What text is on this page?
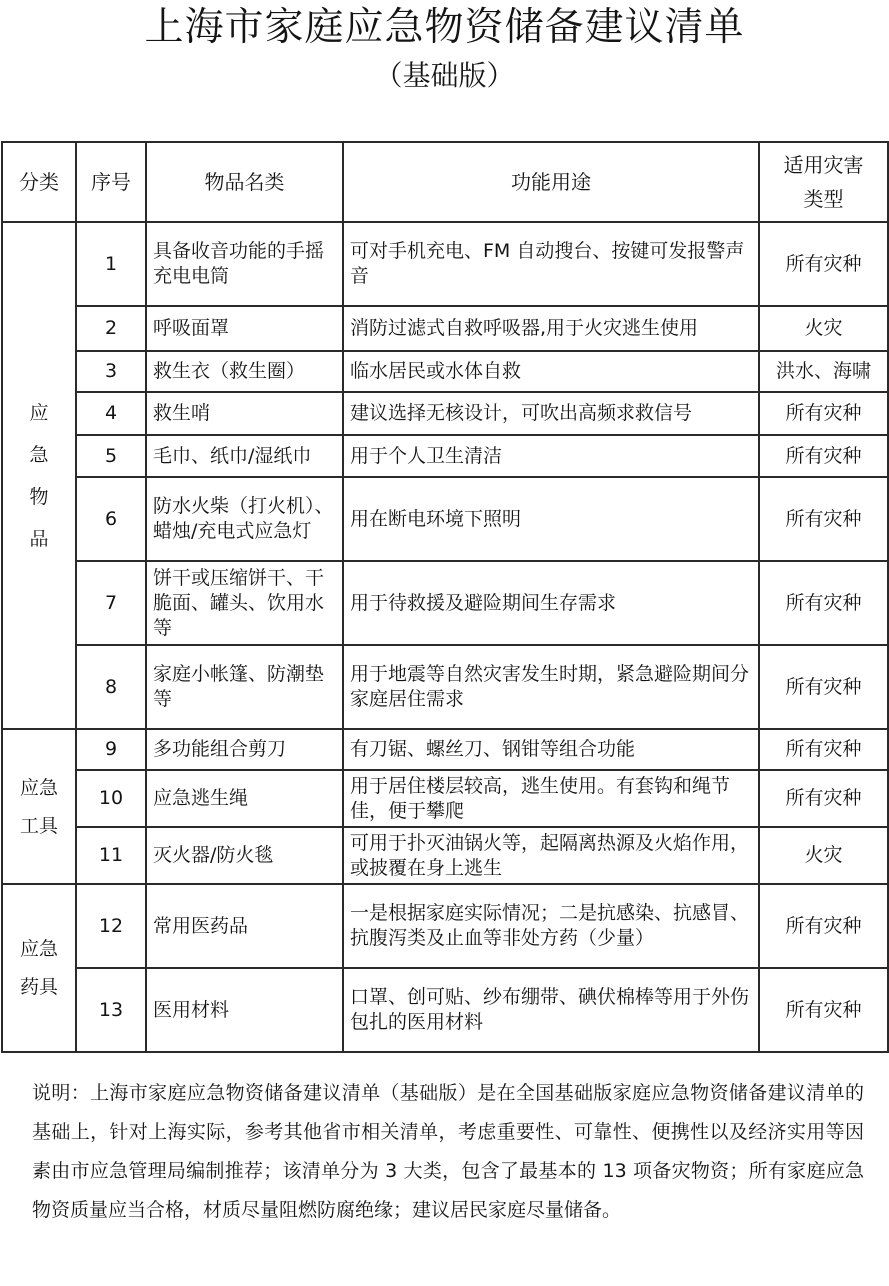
上海市家庭应急物资储备建议清单
（基础版）
分类	序号	物品名类	功能用途	适用灾害类型
应急物品	1	具备收音功能的手摇充电电筒	可对手机充电、FM 自动搜台、按键可发报警声音	所有灾种
	2	呼吸面罩	消防过滤式自救呼吸器,用于火灾逃生使用	火灾
	3	救生衣（救生圈）	临水居民或水体自救	洪水、海啸
	4	救生哨	建议选择无核设计，可吹出高频求救信号	所有灾种
	5	毛巾、纸巾/湿纸巾	用于个人卫生清洁	所有灾种
	6	防水火柴（打火机）、蜡烛/充电式应急灯	用在断电环境下照明	所有灾种
	7	饼干或压缩饼干、干脆面、罐头、饮用水等	用于待救援及避险期间生存需求	所有灾种
	8	家庭小帐篷、防潮垫等	用于地震等自然灾害发生时期，紧急避险期间分家庭居住需求	所有灾种
应急工具	9	多功能组合剪刀	有刀锯、螺丝刀、钢钳等组合功能	所有灾种
	10	应急逃生绳	用于居住楼层较高，逃生使用。有套钩和绳节佳，便于攀爬	所有灾种
	11	灭火器/防火毯	可用于扑灭油锅火等，起隔离热源及火焰作用，或披覆在身上逃生	火灾
应急药具	12	常用医药品	一是根据家庭实际情况；二是抗感染、抗感冒、抗腹泻类及止血等非处方药（少量）	所有灾种
	13	医用材料	口罩、创可贴、纱布绷带、碘伏棉棒等用于外伤包扎的医用材料	所有灾种

说明：上海市家庭应急物资储备建议清单（基础版）是在全国基础版家庭应急物资储备建议清单的基础上，针对上海实际，参考其他省市相关清单，考虑重要性、可靠性、便携性以及经济实用等因素由市应急管理局编制推荐；该清单分为 3 大类，包含了最基本的 13 项备灾物资；所有家庭应急物资质量应当合格，材质尽量阻燃防腐绝缘；建议居民家庭尽量储备。
